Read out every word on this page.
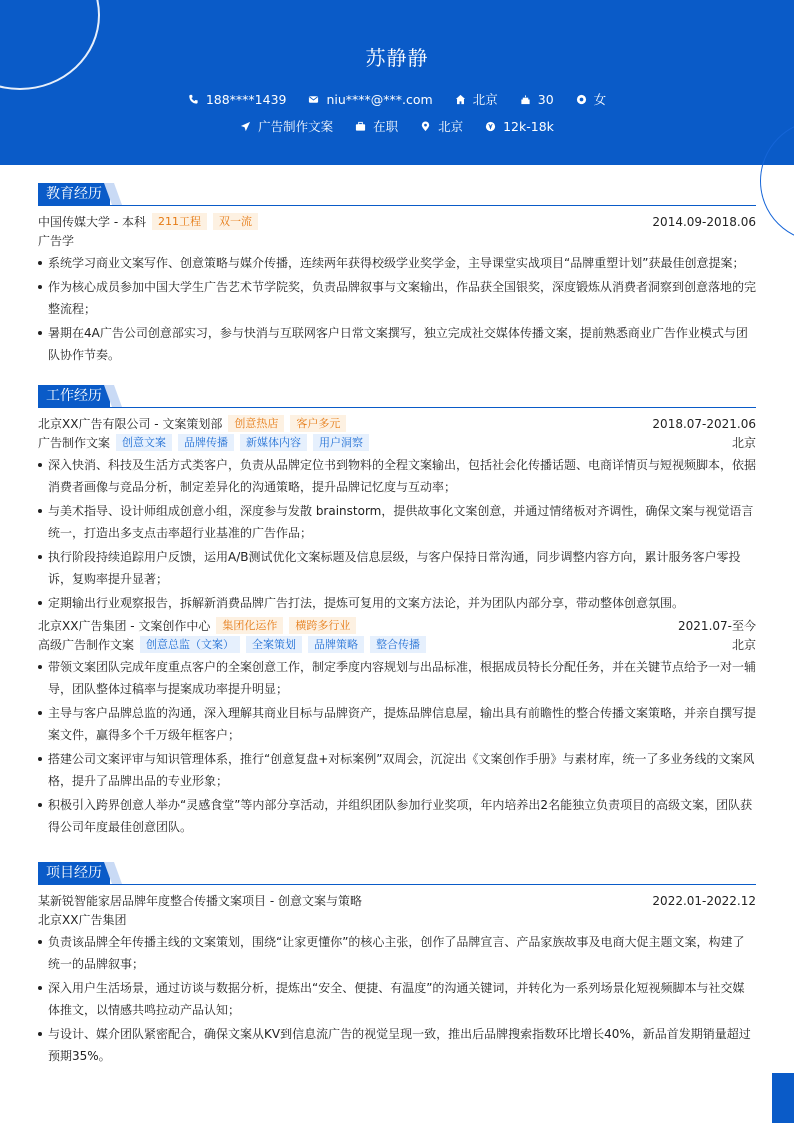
苏静静
188****1439	niu****@***.com	北京	30	女
广告制作文案	在职	北京	12k-18k
教育经历
中国传媒大学 - 本科	211工程	双一流	2014.09-2018.06
广告学
系统学习商业文案写作、创意策略与媒介传播，连续两年获得校级学业奖学金，主导课堂实战项目“品牌重塑计划”获最佳创意提案；
作为核心成员参加中国大学生广告艺术节学院奖，负责品牌叙事与文案输出，作品获全国银奖，深度锻炼从消费者洞察到创意落地的完整流程；
暑期在4A广告公司创意部实习，参与快消与互联网客户日常文案撰写，独立完成社交媒体传播文案，提前熟悉商业广告作业模式与团队协作节奏。
工作经历
北京XX广告有限公司 - 文案策划部	创意热店	客户多元	2018.07-2021.06
广告制作文案	创意文案	品牌传播	新媒体内容	用户洞察	北京
深入快消、科技及生活方式类客户，负责从品牌定位书到物料的全程文案输出，包括社会化传播话题、电商详情页与短视频脚本，依据消费者画像与竞品分析，制定差异化的沟通策略，提升品牌记忆度与互动率；
与美术指导、设计师组成创意小组，深度参与发散 brainstorm，提供故事化文案创意，并通过情绪板对齐调性，确保文案与视觉语言统一，打造出多支点击率超行业基准的广告作品；
执行阶段持续追踪用户反馈，运用A/B测试优化文案标题及信息层级，与客户保持日常沟通，同步调整内容方向，累计服务客户零投诉，复购率提升显著；
定期输出行业观察报告，拆解新消费品牌广告打法，提炼可复用的文案方法论，并为团队内部分享，带动整体创意氛围。
北京XX广告集团 - 文案创作中心	集团化运作	横跨多行业	2021.07-至今
高级广告制作文案	创意总监（文案）	全案策划	品牌策略	整合传播	北京
带领文案团队完成年度重点客户的全案创意工作，制定季度内容规划与出品标准，根据成员特长分配任务，并在关键节点给予一对一辅导，团队整体过稿率与提案成功率提升明显；
主导与客户品牌总监的沟通，深入理解其商业目标与品牌资产，提炼品牌信息屋，输出具有前瞻性的整合传播文案策略，并亲自撰写提案文件，赢得多个千万级年框客户；
搭建公司文案评审与知识管理体系，推行“创意复盘+对标案例”双周会，沉淀出《文案创作手册》与素材库，统一了多业务线的文案风格，提升了品牌出品的专业形象；
积极引入跨界创意人举办“灵感食堂”等内部分享活动，并组织团队参加行业奖项，年内培养出2名能独立负责项目的高级文案，团队获得公司年度最佳创意团队。
项目经历
某新锐智能家居品牌年度整合传播文案项目 - 创意文案与策略	2022.01-2022.12
北京XX广告集团
负责该品牌全年传播主线的文案策划，围绕“让家更懂你”的核心主张，创作了品牌宣言、产品家族故事及电商大促主题文案，构建了统一的品牌叙事；
深入用户生活场景，通过访谈与数据分析，提炼出“安全、便捷、有温度”的沟通关键词，并转化为一系列场景化短视频脚本与社交媒体推文，以情感共鸣拉动产品认知；
与设计、媒介团队紧密配合，确保文案从KV到信息流广告的视觉呈现一致，推出后品牌搜索指数环比增长40%，新品首发期销量超过预期35%。
